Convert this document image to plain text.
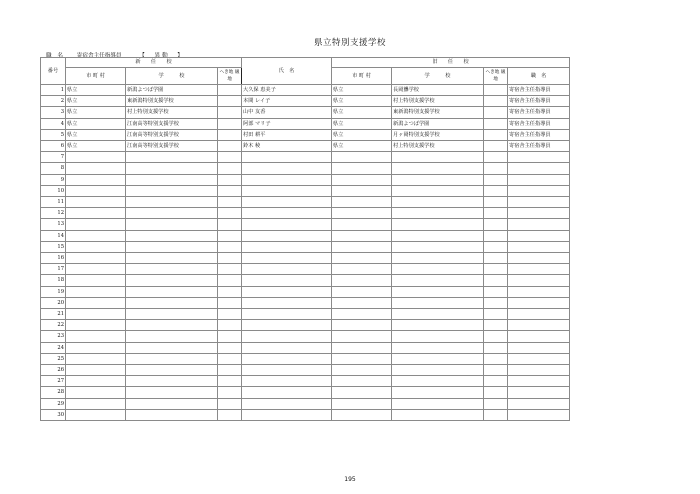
県立特別支援学校
職 名 寄宿舎主任指導員	【　異動　】
番号	新　　任　　校			氏　名	旧　　任　　校			
	市 町 村	学　　　校	へき地 級 地		市 町 村	学　　　校	へき地 級 地	職　名
1	県立	新潟よつば学園		大久保 恵美子	県立	長岡聾学校		寄宿舎主任指導員
2	県立	東新潟特別支援学校		本間 レイ子	県立	村上特別支援学校		寄宿舎主任指導員
3	県立	村上特別支援学校		山中 友香	県立	東新潟特別支援学校		寄宿舎主任指導員
4	県立	江南高等特別支援学校		阿部 マリ子	県立	新潟よつば学園		寄宿舎主任指導員
5	県立	江南高等特別支援学校		村田 耕平	県立	月ヶ岡特別支援学校		寄宿舎主任指導員
6	県立	江南高等特別支援学校		鈴木 稜	県立	村上特別支援学校		寄宿舎主任指導員
7								
8								
9								
10								
11								
12								
13								
14								
15								
16								
17								
18								
19								
20								
21								
22								
23								
24								
25								
26								
27								
28								
29								
30								
195
